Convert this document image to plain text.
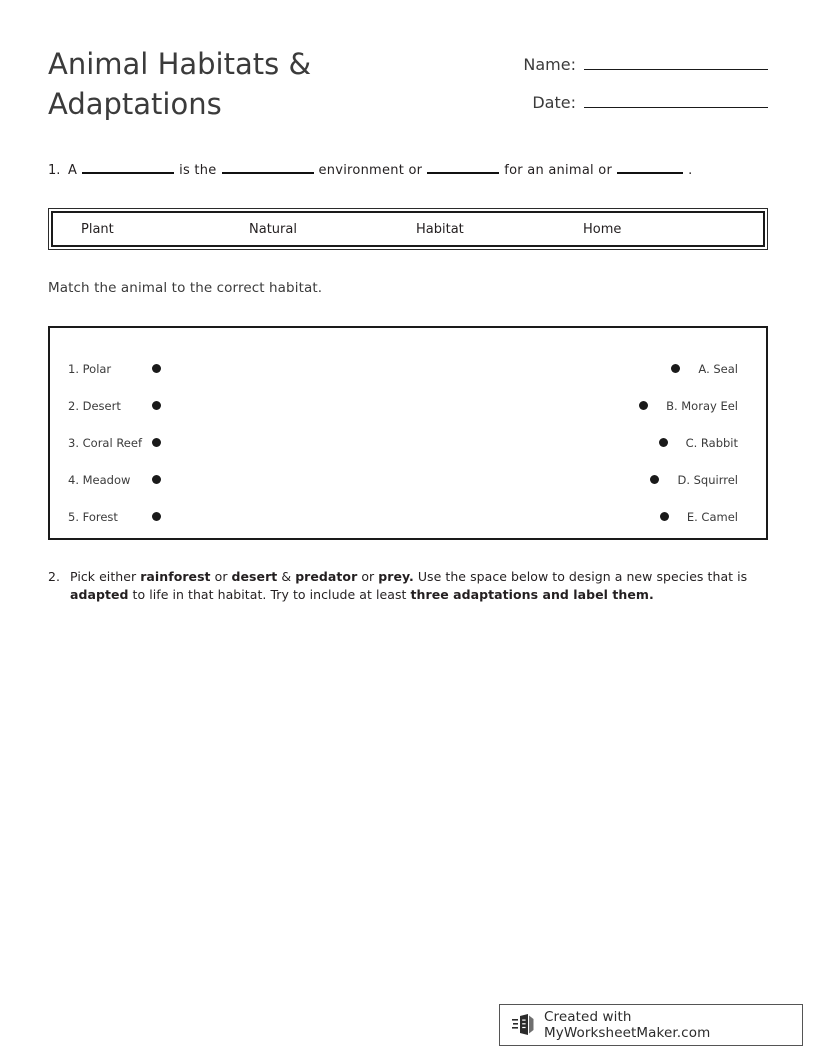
Animal Habitats & Adaptations
Name:
Date:
1. A	is the	environment or	for an animal or	.
Plant	Natural	Habitat	Home
Match the animal to the correct habitat.
1. Polar	A. Seal
2. Desert	B. Moray Eel
3. Coral Reef	C. Rabbit
4. Meadow	D. Squirrel
5. Forest	E. Camel
2. Pick either rainforest or desert & predator or prey. Use the space below to design a new species that is adapted to life in that habitat. Try to include at least three adaptations and label them.
Created with MyWorksheetMaker.com
